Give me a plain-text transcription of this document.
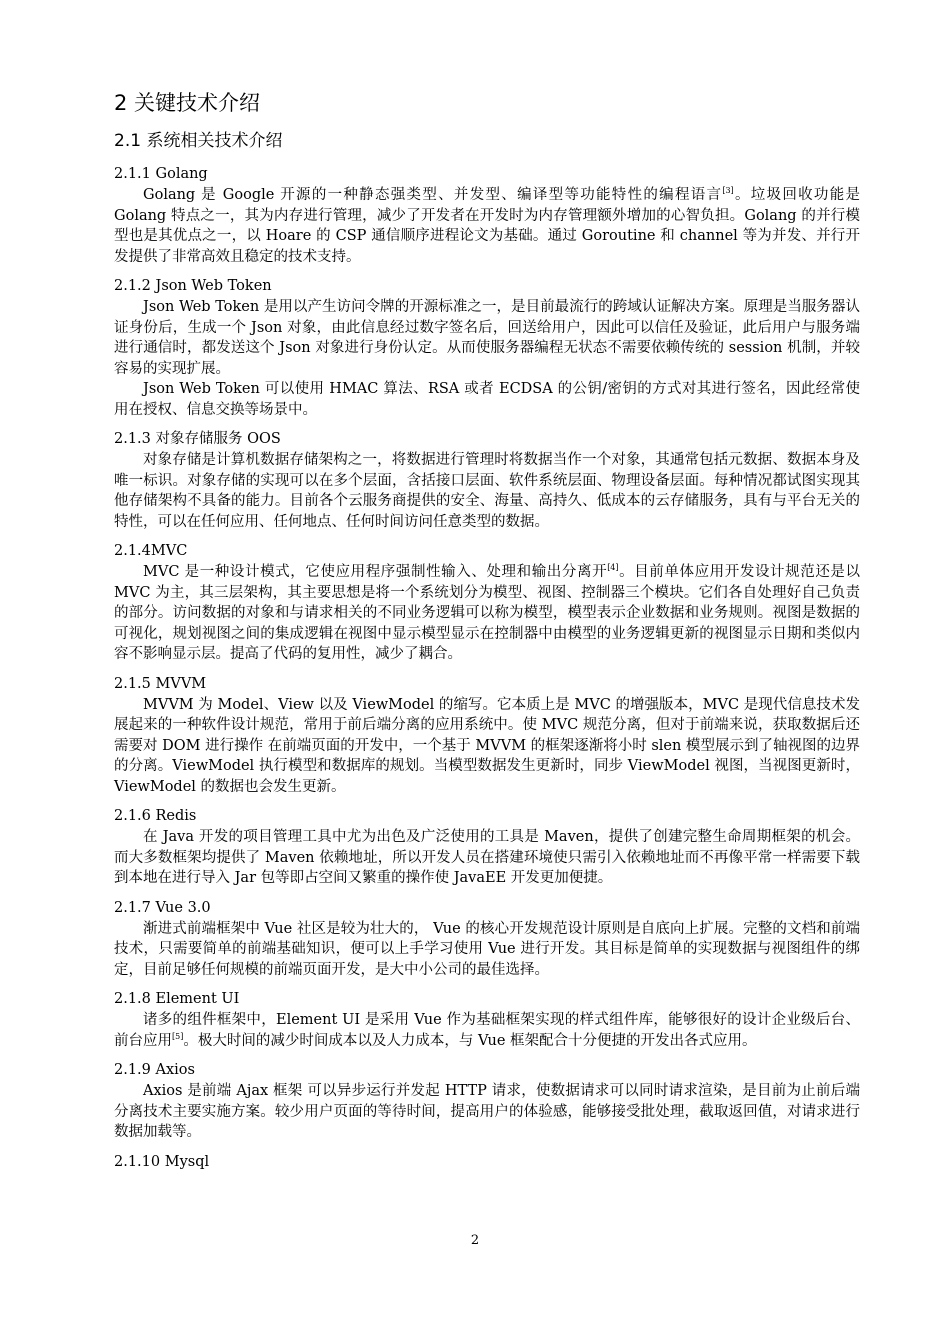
2 关键技术介绍
2.1 系统相关技术介绍
2.1.1 Golang

Golang 是 Google 开源的一种静态强类型、并发型、编译型等功能特性的编程语言[3]。垃圾回收功能是 Golang 特点之一，其为内存进行管理，减少了开发者在开发时为内存管理额外增加的心智负担。Golang 的并行模型也是其优点之一，以 Hoare 的 CSP 通信顺序进程论文为基础。通过 Goroutine 和 channel 等为并发、并行开发提供了非常高效且稳定的技术支持。

2.1.2 Json Web Token

Json Web Token 是用以产生访问令牌的开源标准之一，是目前最流行的跨域认证解决方案。原理是当服务器认证身份后，生成一个 Json 对象，由此信息经过数字签名后，回送给用户，因此可以信任及验证，此后用户与服务端进行通信时，都发送这个 Json 对象进行身份认定。从而使服务器编程无状态不需要依赖传统的 session 机制，并较容易的实现扩展。

Json Web Token 可以使用 HMAC 算法、RSA 或者 ECDSA 的公钥/密钥的方式对其进行签名，因此经常使用在授权、信息交换等场景中。

2.1.3 对象存储服务 OOS

对象存储是计算机数据存储架构之一，将数据进行管理时将数据当作一个对象，其通常包括元数据、数据本身及唯一标识。对象存储的实现可以在多个层面，含括接口层面、软件系统层面、物理设备层面。每种情况都试图实现其他存储架构不具备的能力。目前各个云服务商提供的安全、海量、高持久、低成本的云存储服务，具有与平台无关的特性，可以在任何应用、任何地点、任何时间访问任意类型的数据。

2.1.4MVC

MVC 是一种设计模式，它使应用程序强制性输入、处理和输出分离开[4]。目前单体应用开发设计规范还是以 MVC 为主，其三层架构，其主要思想是将一个系统划分为模型、视图、控制器三个模块。它们各自处理好自己负责的部分。访问数据的对象和与请求相关的不同业务逻辑可以称为模型，模型表示企业数据和业务规则。视图是数据的可视化，规划视图之间的集成逻辑在视图中显示模型显示在控制器中由模型的业务逻辑更新的视图显示日期和类似内容不影响显示层。提高了代码的复用性，减少了耦合。

2.1.5 MVVM

MVVM 为 Model、View 以及 ViewModel 的缩写。它本质上是 MVC 的增强版本，MVC 是现代信息技术发展起来的一种软件设计规范，常用于前后端分离的应用系统中。使 MVC 规范分离，但对于前端来说，获取数据后还需要对 DOM 进行操作 在前端页面的开发中，一个基于 MVVM 的框架逐渐将小时 slen 模型展示到了轴视图的边界的分离。ViewModel 执行模型和数据库的规划。当模型数据发生更新时，同步 ViewModel 视图，当视图更新时，ViewModel 的数据也会发生更新。

2.1.6 Redis

在 Java 开发的项目管理工具中尤为出色及广泛使用的工具是 Maven，提供了创建完整生命周期框架的机会。而大多数框架均提供了 Maven 依赖地址，所以开发人员在搭建环境使只需引入依赖地址而不再像平常一样需要下载到本地在进行导入 Jar 包等即占空间又繁重的操作使 JavaEE 开发更加便捷。

2.1.7 Vue 3.0

渐进式前端框架中 Vue 社区是较为壮大的， Vue 的核心开发规范设计原则是自底向上扩展。完整的文档和前端技术，只需要简单的前端基础知识，便可以上手学习使用 Vue 进行开发。其目标是简单的实现数据与视图组件的绑定，目前足够任何规模的前端页面开发，是大中小公司的最佳选择。

2.1.8 Element UI

诸多的组件框架中，Element UI 是采用 Vue 作为基础框架实现的样式组件库，能够很好的设计企业级后台、前台应用[5]。极大时间的减少时间成本以及人力成本，与 Vue 框架配合十分便捷的开发出各式应用。

2.1.9 Axios

Axios 是前端 Ajax 框架 可以异步运行并发起 HTTP 请求，使数据请求可以同时请求渲染，是目前为止前后端分离技术主要实施方案。较少用户页面的等待时间，提高用户的体验感，能够接受批处理，截取返回值，对请求进行数据加载等。

2.1.10 Mysql
2
